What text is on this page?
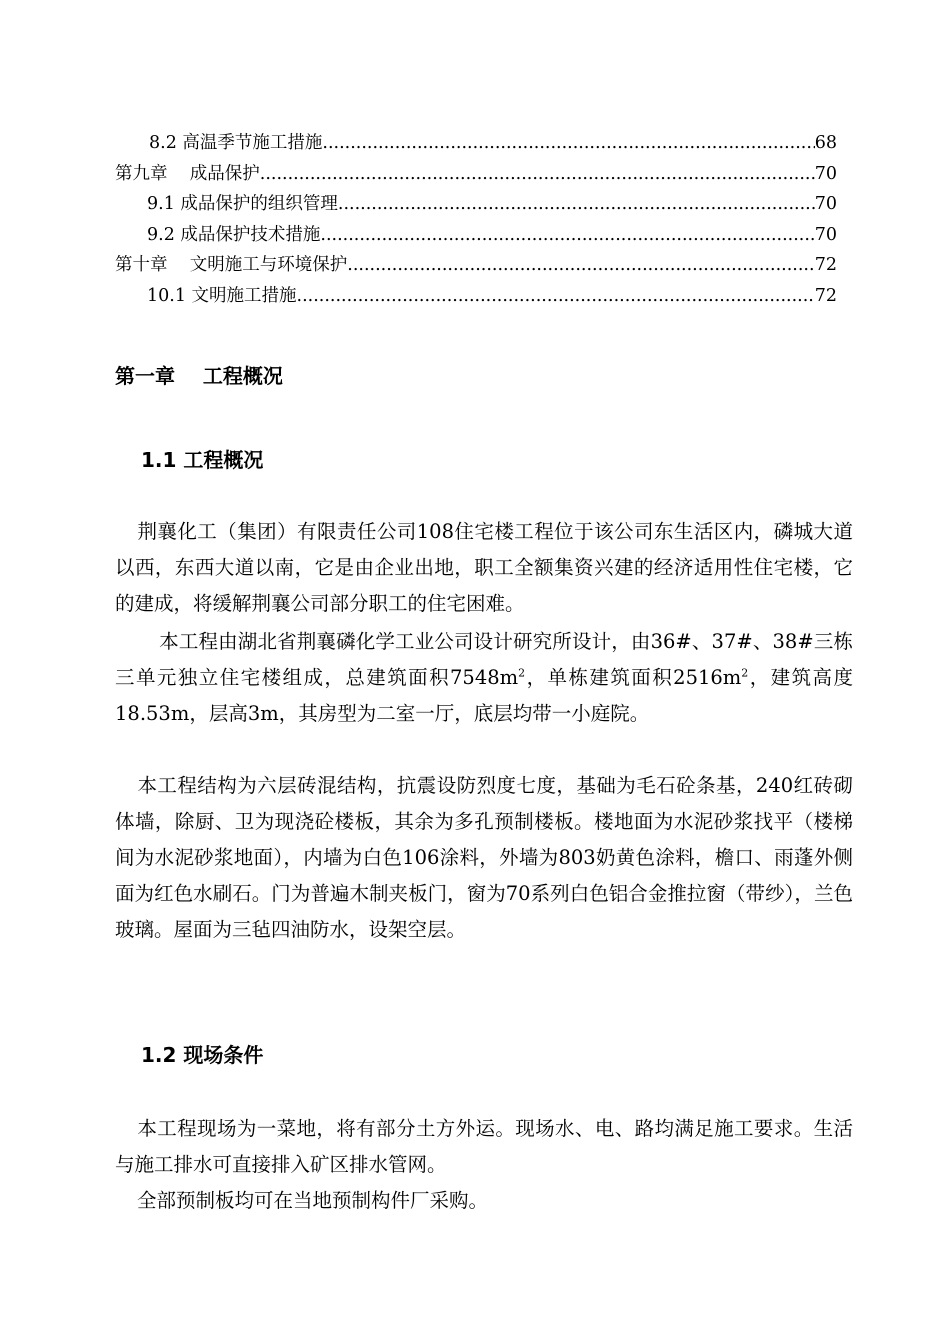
8.2 高温季节施工措施 .....	68
第九章    成品保护 .....	70
9.1 成品保护的组织管理 .....	70
9.2 成品保护技术措施 .....	70
第十章    文明施工与环境保护 .....	72
10.1 文明施工措施 .....	72
第一章    工程概况
1.1 工程概况

荆襄化工（集团）有限责任公司108住宅楼工程位于该公司东生活区内，磷城大道以西，东西大道以南，它是由企业出地，职工全额集资兴建的经济适用性住宅楼，它的建成，将缓解荆襄公司部分职工的住宅困难。

本工程由湖北省荆襄磷化学工业公司设计研究所设计，由36#、37#、38#三栋三单元独立住宅楼组成，总建筑面积$7548m^2$，单栋建筑面积$2516m^2$，建筑高度18.53m，层高3m，其房型为二室一厅，底层均带一小庭院。

本工程结构为六层砖混结构，抗震设防烈度七度，基础为毛石砼条基，240红砖砌体墙，除厨、卫为现浇砼楼板，其余为多孔预制楼板。楼地面为水泥砂浆找平（楼梯间为水泥砂浆地面），内墙为白色106涂料，外墙为803奶黄色涂料，檐口、雨蓬外侧面为红色水刷石。门为普遍木制夹板门，窗为70系列白色铝合金推拉窗（带纱），兰色玻璃。屋面为三毡四油防水，设架空层。

1.2 现场条件

本工程现场为一菜地，将有部分土方外运。现场水、电、路均满足施工要求。生活与施工排水可直接排入矿区排水管网。

全部预制板均可在当地预制构件厂采购。
